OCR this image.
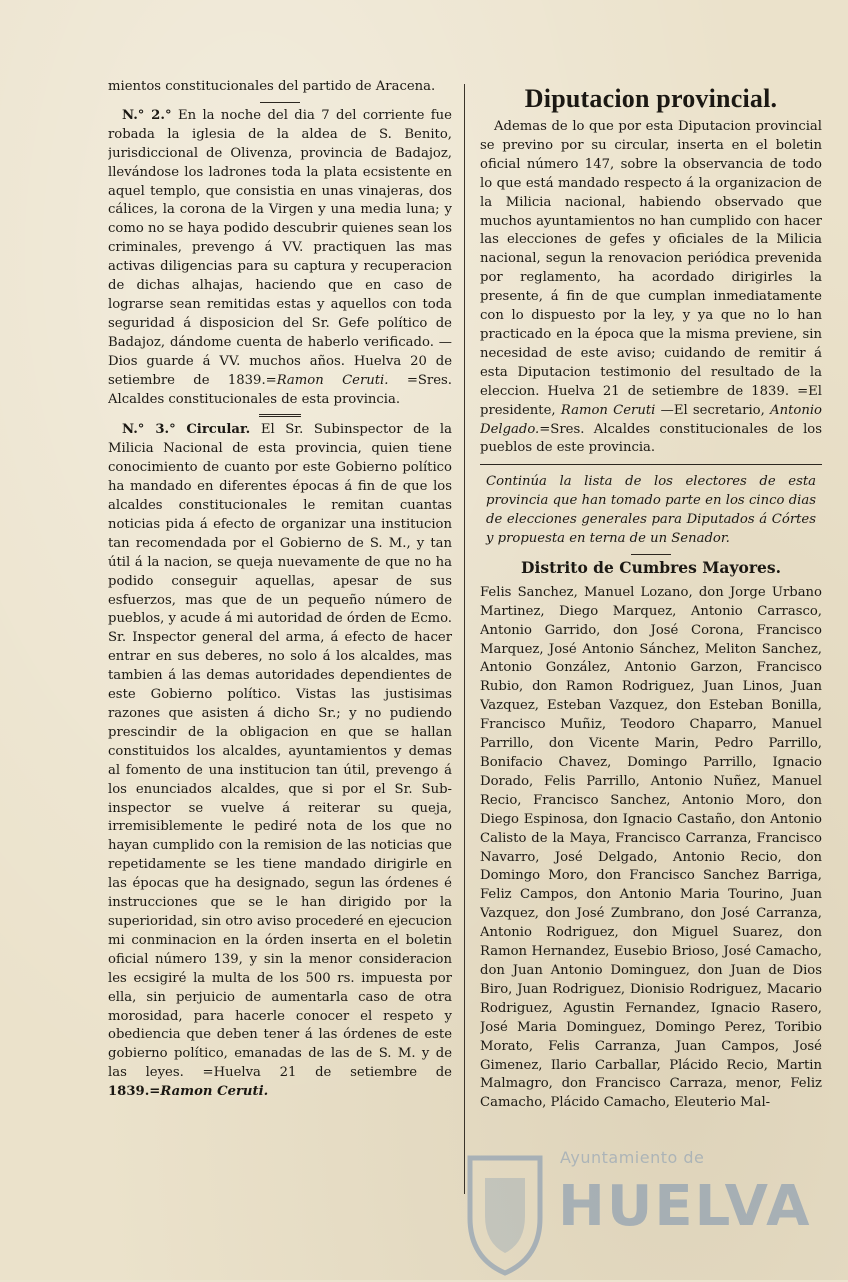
mientos constitucionales del partido de Aracena.

N.° 2.° En la noche del dia 7 del corriente fue robada la iglesia de la aldea de S. Benito, jurisdiccional de Olivenza, provincia de Badajoz, llevándose los ladrones toda la plata ecsistente en aquel templo, que consistia en unas vinajeras, dos cálices, la corona de la Virgen y una media luna; y como no se haya podido descubrir quienes sean los criminales, prevengo á VV. practiquen las mas activas diligencias para su captura y recuperacion de dichas alhajas, haciendo que en caso de lograrse sean remitidas estas y aquellos con toda seguridad á disposicion del Sr. Gefe político de Badajoz, dándome cuenta de haberlo verificado. —Dios guarde á VV. muchos años. Huelva 20 de setiembre de 1839.=Ramon Ceruti. =Sres. Alcaldes constitucionales de esta provincia.

N.° 3.° Circular. El Sr. Subinspector de la Milicia Nacional de esta provincia, quien tiene conocimiento de cuanto por este Gobierno político ha mandado en diferentes épocas á fin de que los alcaldes constitucionales le remitan cuantas noticias pida á efecto de organizar una institucion tan recomendada por el Gobierno de S. M., y tan útil á la nacion, se queja nuevamente de que no ha podido conseguir aquellas, apesar de sus esfuerzos, mas que de un pequeño número de pueblos, y acude á mi autoridad de órden de Ecmo. Sr. Inspector general del arma, á efecto de hacer entrar en sus deberes, no solo á los alcaldes, mas tambien á las demas autoridades dependientes de este Gobierno político. Vistas las justisimas razones que asisten á dicho Sr.; y no pudiendo prescindir de la obligacion en que se hallan constituidos los alcaldes, ayuntamientos y demas al fomento de una institucion tan útil, prevengo á los enunciados alcaldes, que si por el Sr. Sub-inspector se vuelve á reiterar su queja, irremisiblemente le pediré nota de los que no hayan cumplido con la remision de las noticias que repetidamente se les tiene mandado dirigirle en las épocas que ha designado, segun las órdenes é instrucciones que se le han dirigido por la superioridad, sin otro aviso procederé en ejecucion mi conminacion en la órden inserta en el boletin oficial número 139, y sin la menor consideracion les ecsigiré la multa de los 500 rs. impuesta por ella, sin perjuicio de aumentarla caso de otra morosidad, para hacerle conocer el respeto y obediencia que deben tener á las órdenes de este gobierno político, emanadas de las de S. M. y de las leyes. =Huelva 21 de setiembre de 1839.=Ramon Ceruti.

Diputacion provincial.

Ademas de lo que por esta Diputacion provincial se previno por su circular, inserta en el boletin oficial número 147, sobre la observancia de todo lo que está mandado respecto á la organizacion de la Milicia nacional, habiendo observado que muchos ayuntamientos no han cumplido con hacer las elecciones de gefes y oficiales de la Milicia nacional, segun la renovacion periódica prevenida por reglamento, ha acordado dirigirles la presente, á fin de que cumplan inmediatamente con lo dispuesto por la ley, y ya que no lo han practicado en la época que la misma previene, sin necesidad de este aviso; cuidando de remitir á esta Diputacion testimonio del resultado de la eleccion. Huelva 21 de setiembre de 1839. =El presidente, Ramon Ceruti —El secretario, Antonio Delgado.=Sres. Alcaldes constitucionales de los pueblos de este provincia.

Continúa la lista de los electores de esta provincia que han tomado parte en los cinco dias de elecciones generales para Diputados á Córtes y propuesta en terna de un Senador.

Distrito de Cumbres Mayores.

Felis Sanchez, Manuel Lozano, don Jorge Urbano Martinez, Diego Marquez, Antonio Carrasco, Antonio Garrido, don José Corona, Francisco Marquez, José Antonio Sánchez, Meliton Sanchez, Antonio González, Antonio Garzon, Francisco Rubio, don Ramon Rodriguez, Juan Linos, Juan Vazquez, Esteban Vazquez, don Esteban Bonilla, Francisco Muñiz, Teodoro Chaparro, Manuel Parrillo, don Vicente Marin, Pedro Parrillo, Bonifacio Chavez, Domingo Parrillo, Ignacio Dorado, Felis Parrillo, Antonio Nuñez, Manuel Recio, Francisco Sanchez, Antonio Moro, don Diego Espinosa, don Ignacio Castaño, don Antonio Calisto de la Maya, Francisco Carranza, Francisco Navarro, José Delgado, Antonio Recio, don Domingo Moro, don Francisco Sanchez Barriga, Feliz Campos, don Antonio Maria Tourino, Juan Vazquez, don José Zumbrano, don José Carranza, Antonio Rodriguez, don Miguel Suarez, don Ramon Hernandez, Eusebio Brioso, José Camacho, don Juan Antonio Dominguez, don Juan de Dios Biro, Juan Rodriguez, Dionisio Rodriguez, Macario Rodriguez, Agustin Fernandez, Ignacio Rasero, José Maria Dominguez, Domingo Perez, Toribio Morato, Felis Carranza, Juan Campos, José Gimenez, Ilario Carballar, Plácido Recio, Martin Malmagro, don Francisco Carraza, menor, Feliz Camacho, Plácido Camacho, Eleuterio Mal-

Ayuntamiento de
HUELVA
